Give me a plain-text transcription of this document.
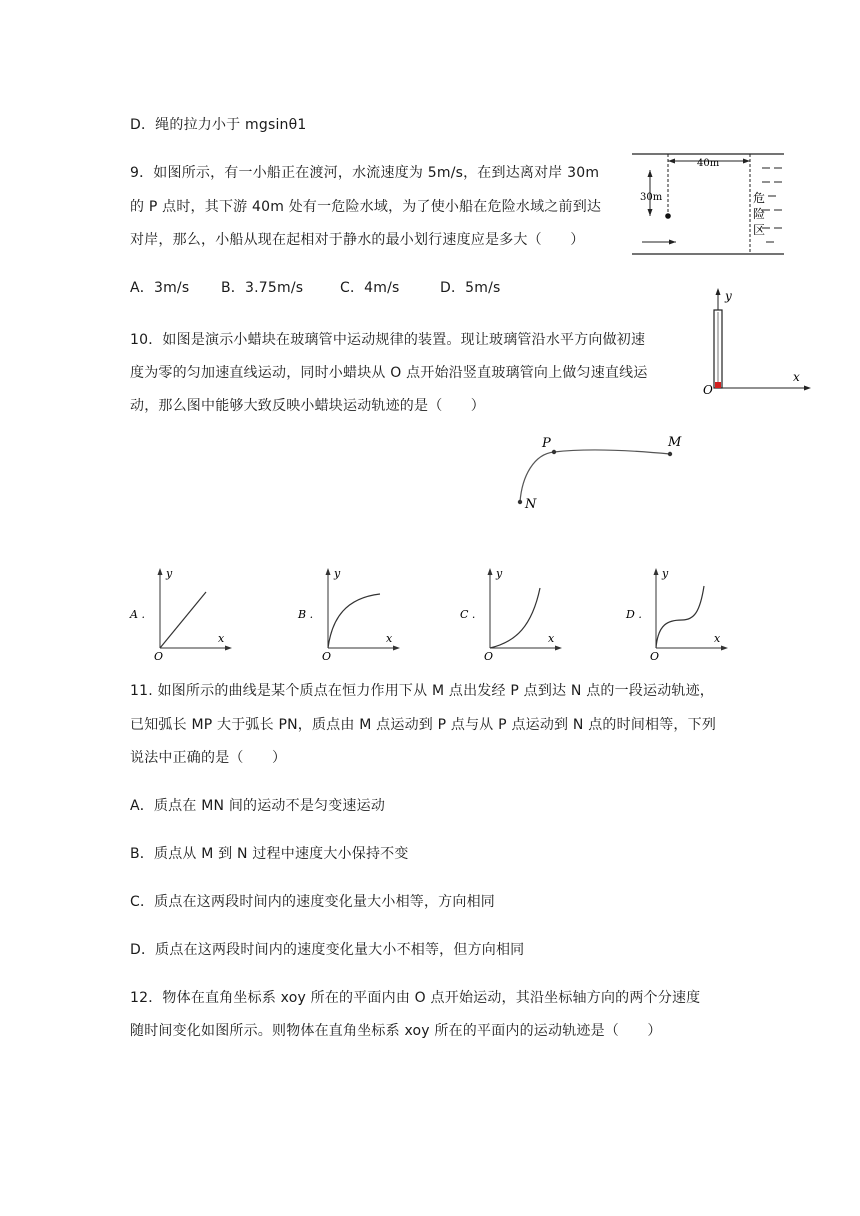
D．绳的拉力小于 mgsinθ1
9．如图所示，有一小船正在渡河，水流速度为 5m/s，在到达离对岸 30m
的 P 点时，其下游 40m 处有一危险水域，为了使小船在危险水域之前到达
对岸，那么，小船从现在起相对于静水的最小划行速度应是多大（　　）
40m
30m	危
险
区
A．3m/s B．3.75m/s	C．4m/s	D．5m/s	y
x
O
10．如图是演示小蜡块在玻璃管中运动规律的装置。现让玻璃管沿水平方向做初速
度为零的匀加速直线运动，同时小蜡块从 O 点开始沿竖直玻璃管向上做匀速直线运
动，那么图中能够大致反映小蜡块运动轨迹的是（　　）
P	M
N
y
x
O
A .
y
x
O
B .
y
x
O
C .
y
x
O
D .
11. 如图所示的曲线是某个质点在恒力作用下从 M 点出发经 P 点到达 N 点的一段运动轨迹，
已知弧长 MP 大于弧长 PN，质点由 M 点运动到 P 点与从 P 点运动到 N 点的时间相等，下列
说法中正确的是（　　）
A．质点在 MN 间的运动不是匀变速运动
B．质点从 M 到 N 过程中速度大小保持不变
C．质点在这两段时间内的速度变化量大小相等，方向相同
D．质点在这两段时间内的速度变化量大小不相等，但方向相同
12．物体在直角坐标系 xoy 所在的平面内由 O 点开始运动，其沿坐标轴方向的两个分速度
随时间变化如图所示。则物体在直角坐标系 xoy 所在的平面内的运动轨迹是（　　）
